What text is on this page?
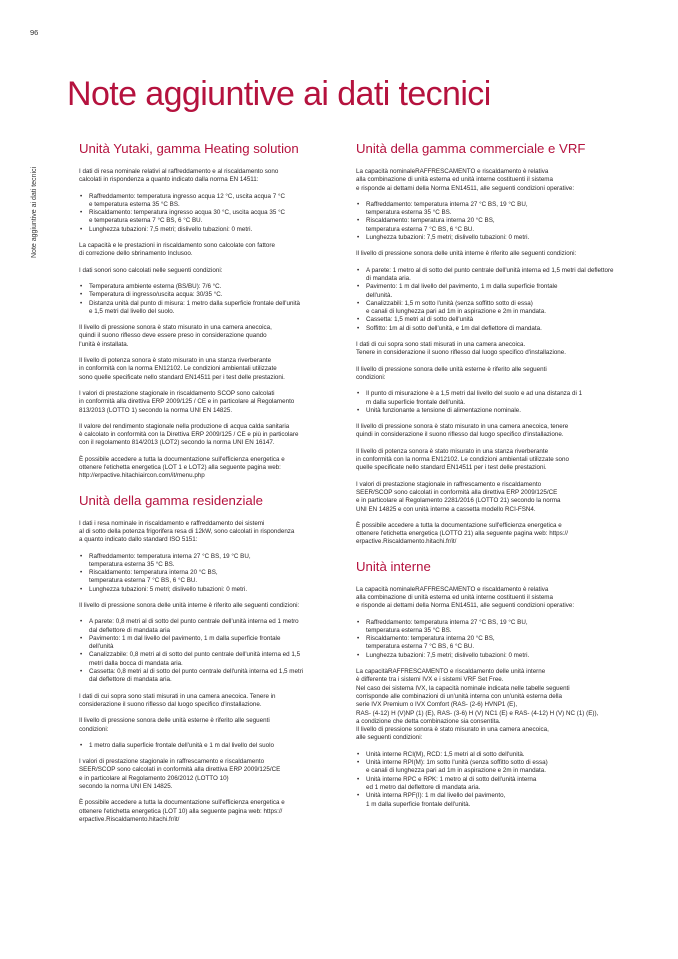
96
Note aggiuntive ai dati tecnici
Note aggiuntive ai dati tecnici
Unità Yutaki, gamma Heating solution

I dati di resa nominale relativi al raffreddamento e al riscaldamento sono
calcolati in rispondenza a quanto indicato dalla norma EN 14511:

• Raffreddamento: temperatura ingresso acqua 12 °C, uscita acqua 7 °C
e temperatura esterna 35 °C BS.
• Riscaldamento: temperatura ingresso acqua 30 °C, uscita acqua 35 °C
e temperatura esterna 7 °C BS, 6 °C BU.
• Lunghezza tubazioni: 7,5 metri; dislivello tubazioni: 0 metri.

La capacità e le prestazioni in riscaldamento sono calcolate con fattore
di correzione dello sbrinamento Inclusoo.

I dati sonori sono calcolati nelle seguenti condizioni:

• Temperatura ambiente esterna (BS/BU): 7/6 °C.
• Temperatura di ingresso/uscita acqua: 30/35 °C.
• Distanza unità dal punto di misura: 1 metro dalla superficie frontale dell'unità
e 1,5 metri dal livello del suolo.

Il livello di pressione sonora è stato misurato in una camera anecoica,
quindi il suono riflesso deve essere preso in considerazione quando
l'unità è installata.

Il livello di potenza sonora è stato misurato in una stanza riverberante
in conformità con la norma EN12102. Le condizioni ambientali utilizzate
sono quelle specificate nello standard EN14511 per i test delle prestazioni.

I valori di prestazione stagionale in riscaldamento SCOP sono calcolati
in conformità alla direttiva ERP 2009/125 / CE e in particolare al Regolamento
813/2013 (LOTTO 1) secondo la norma UNI EN 14825.

Il valore del rendimento stagionale nella produzione di acqua calda sanitaria
è calcolato in conformità con la Direttiva ERP 2009/125 / CE e più in particolare
con il regolamento 814/2013 (LOT2) secondo la norma UNI EN 16147.

È possibile accedere a tutta la documentazione sull'efficienza energetica e
ottenere l'etichetta energetica (LOT 1 e LOT2) alla seguente pagina web:
http://erpactive.hitachiaircon.com/it/menu.php

Unità della gamma residenziale

I dati i resa nominale in riscaldamento e raffreddamento dei sistemi
al di sotto della potenza frigorifera resa di 12kW, sono calcolati in rispondenza
a quanto indicato dallo standard ISO 5151:

• Raffreddamento: temperatura interna 27 °C BS, 19 °C BU,
temperatura esterna 35 °C BS.
• Riscaldamento: temperatura interna 20 °C BS,
temperatura esterna 7 °C BS, 6 °C BU.
• Lunghezza tubazioni: 5 metri; dislivello tubazioni: 0 metri.

Il livello di pressione sonora delle unità interne è riferito alle seguenti condizioni:

• A parete: 0,8 metri al di sotto del punto centrale dell'unità interna ed 1 metro
dal deflettore di mandata aria
• Pavimento: 1 m dal livello del pavimento, 1 m dalla superficie frontale
dell'unità
• Canalizzabile: 0,8 metri al di sotto del punto centrale dell'unità interna ed 1,5
metri dalla bocca di mandata aria.
• Cassetta: 0,8 metri al di sotto del punto centrale dell'unità interna ed 1,5 metri
dal deflettore di mandata aria.

I dati di cui sopra sono stati misurati in una camera anecoica. Tenere in
considerazione il suono riflesso dal luogo specifico d'installazione.

Il livello di pressione sonora delle unità esterne è riferito alle seguenti
condizioni:

• 1 metro dalla superficie frontale dell'unità e 1 m dal livello del suolo

I valori di prestazione stagionale in raffrescamento e riscaldamento
SEER/SCOP sono calcolati in conformità alla direttiva ERP 2009/125/CE
e in particolare al Regolamento 206/2012 (LOTTO 10)
secondo la norma UNI EN 14825.

È possibile accedere a tutta la documentazione sull'efficienza energetica e
ottenere l'etichetta energetica (LOT 10) alla seguente pagina web: https://
erpactive.Riscaldamento.hitachi.fr/it/

Unità della gamma commerciale e VRF

La capacità nominaleRAFFRESCAMENTO e riscaldamento è relativa
alla combinazione di unità esterna ed unità interne costituenti il sistema
e risponde ai dettami della Norma EN14511, alle seguenti condizioni operative:

• Raffreddamento: temperatura interna 27 °C BS, 19 °C BU,
temperatura esterna 35 °C BS.
• Riscaldamento: temperatura interna 20 °C BS,
temperatura esterna 7 °C BS, 6 °C BU.
• Lunghezza tubazioni: 7,5 metri; dislivello tubazioni: 0 metri.

Il livello di pressione sonora delle unità interne è riferito alle seguenti condizioni:

• A parete: 1 metro al di sotto del punto centrale dell'unità interna ed 1,5 metri dal deflettore
di mandata aria.
• Pavimento: 1 m dal livello del pavimento, 1 m dalla superficie frontale
dell'unità.
• Canalizzabili: 1,5 m sotto l'unità (senza soffitto sotto di essa)
e canali di lunghezza pari ad 1m in aspirazione e 2m in mandata.
• Cassetta: 1,5 metri al di sotto dell'unità
• Soffitto: 1m al di sotto dell'unità, e 1m dal deflettore di mandata.

I dati di cui sopra sono stati misurati in una camera anecoica.
Tenere in considerazione il suono riflesso dal luogo specifico d'installazione.

Il livello di pressione sonora delle unità esterne è riferito alle seguenti
condizioni:

• Il punto di misurazione è a 1,5 metri dal livello del suolo e ad una distanza di 1
m dalla superficie frontale dell'unità.
• Unità funzionante a tensione di alimentazione nominale.

Il livello di pressione sonora è stato misurato in una camera anecoica, tenere
quindi in considerazione il suono riflesso dal luogo specifico d'installazione.

Il livello di potenza sonora è stato misurato in una stanza riverberante
in conformità con la norma EN12102. Le condizioni ambientali utilizzate sono
quelle specificate nello standard EN14511 per i test delle prestazioni.

I valori di prestazione stagionale in raffrescamento e riscaldamento
SEER/SCOP sono calcolati in conformità alla direttiva ERP 2009/125/CE
e in particolare al Regolamento 2281/2016 (LOTTO 21) secondo la norma
UNI EN 14825 e con unità interne a cassetta modello RCI-FSN4.

È possibile accedere a tutta la documentazione sull'efficienza energetica e
ottenere l'etichetta energetica (LOTTO 21) alla seguente pagina web: https://
erpactive.Riscaldamento.hitachi.fr/it/

Unità interne

La capacità nominaleRAFFRESCAMENTO e riscaldamento è relativa
alla combinazione di unità esterna ed unità interne costituenti il sistema
e risponde ai dettami della Norma EN14511, alle seguenti condizioni operative:

• Raffreddamento: temperatura interna 27 °C BS, 19 °C BU,
temperatura esterna 35 °C BS.
• Riscaldamento: temperatura interna 20 °C BS,
temperatura esterna 7 °C BS, 6 °C BU.
• Lunghezza tubazioni: 7,5 metri; dislivello tubazioni: 0 metri.

La capacitàRAFFRESCAMENTO e riscaldamento delle unità interne
è differente tra i sistemi IVX e i sistemi VRF Set Free.
Nel caso dei sistema IVX, la capacità nominale indicata nelle tabelle seguenti
corrisponde alle combinazioni di un'unità interna con un'unità esterna della
serie IVX Premium o IVX Comfort (RAS- (2-6) HVNP1 (E),
RAS- (4-12) H (V)NP (1) (E), RAS- (3-6) H (V) NC1 (E) e RAS- (4-12) H (V) NC (1) (E)),
a condizione che detta combinazione sia consentita.
Il livello di pressione sonora è stato misurato in una camera anecoica,
alle seguenti condizioni:

• Unità interne RCI(M), RCD: 1,5 metri al di sotto dell'unità.
• Unità interne RPI(M): 1m sotto l'unità (senza soffitto sotto di essa)
e canali di lunghezza pari ad 1m in aspirazione e 2m in mandata.
• Unità interne RPC e RPK: 1 metro al di sotto dell'unità interna
ed 1 metro dal deflettore di mandata aria.
• Unità interna RPF(I): 1 m dal livello del pavimento,
1 m dalla superficie frontale dell'unità.
